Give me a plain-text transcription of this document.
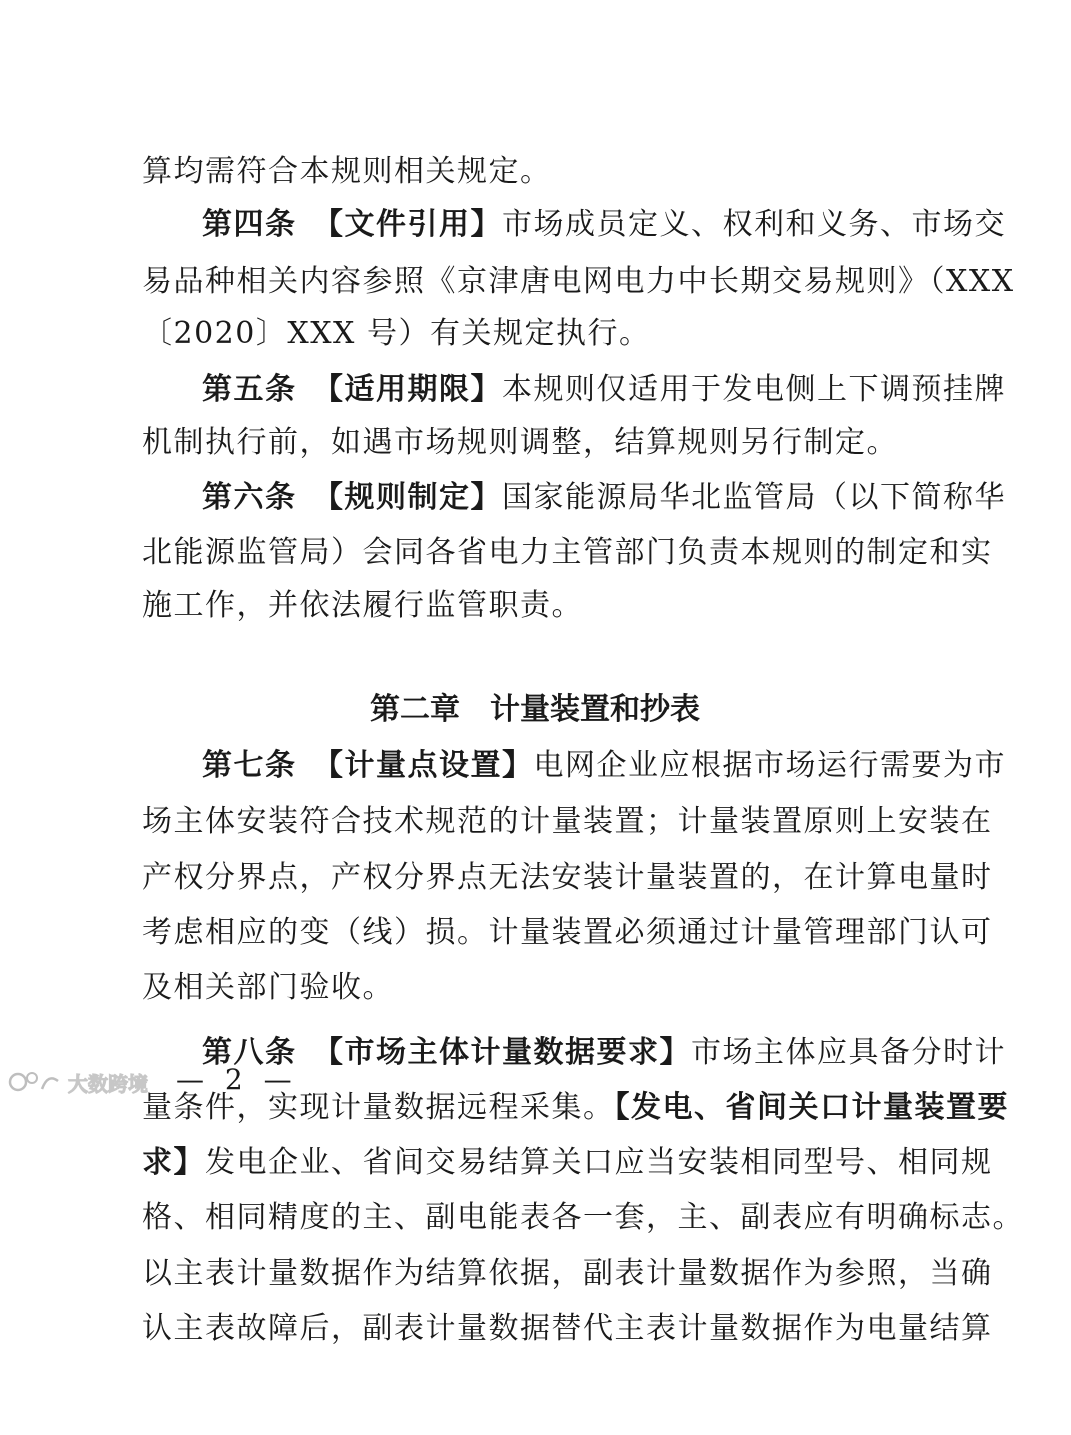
算均需符合本规则相关规定。
第四条　【文件引用】市场成员定义、权利和义务、市场交
易品种相关内容参照《京津唐电网电力中长期交易规则》（XXX
〔2020〕XXX 号）有关规定执行。
第五条　【适用期限】本规则仅适用于发电侧上下调预挂牌
机制执行前，如遇市场规则调整，结算规则另行制定。
第六条　【规则制定】国家能源局华北监管局（以下简称华
北能源监管局）会同各省电力主管部门负责本规则的制定和实
施工作，并依法履行监管职责。
第二章　计量装置和抄表
第七条　【计量点设置】电网企业应根据市场运行需要为市
场主体安装符合技术规范的计量装置；计量装置原则上安装在
产权分界点，产权分界点无法安装计量装置的，在计算电量时
考虑相应的变（线）损。计量装置必须通过计量管理部门认可
及相关部门验收。
第八条　【市场主体计量数据要求】市场主体应具备分时计
量条件，实现计量数据远程采集。【发电、省间关口计量装置要
求】发电企业、省间交易结算关口应当安装相同型号、相同规
格、相同精度的主、副电能表各一套，主、副表应有明确标志。
以主表计量数据作为结算依据，副表计量数据作为参照，当确
认主表故障后，副表计量数据替代主表计量数据作为电量结算
大数跨境 — 2 —
